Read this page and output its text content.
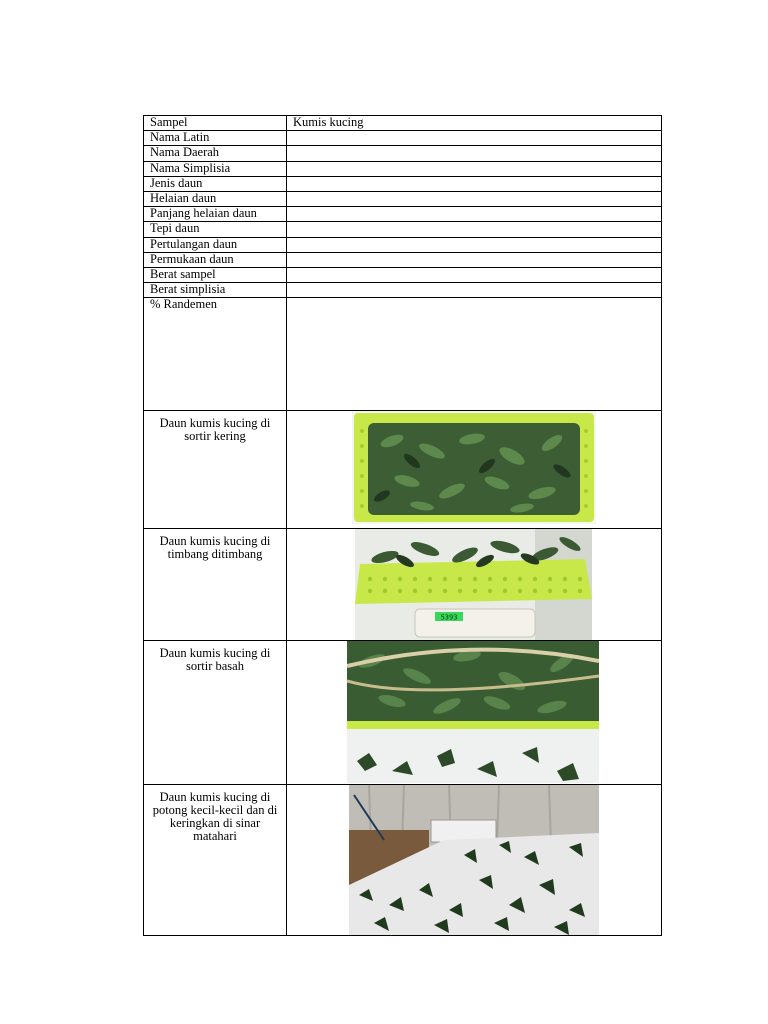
Sampel	Kumis kucing
Nama Latin	
Nama Daerah	
Nama Simplisia	
Jenis daun	
Helaian daun	
Panjang helaian daun	
Tepi daun	
Pertulangan daun	
Permukaan daun	
Berat sampel	
Berat simplisia	
% Randemen	
Daun kumis kucing di sortir kering	

Daun kumis kucing di timbang ditimbang	5393

Daun kumis kucing di sortir basah	

Daun kumis kucing di potong kecil-kecil dan di keringkan di sinar matahari	
